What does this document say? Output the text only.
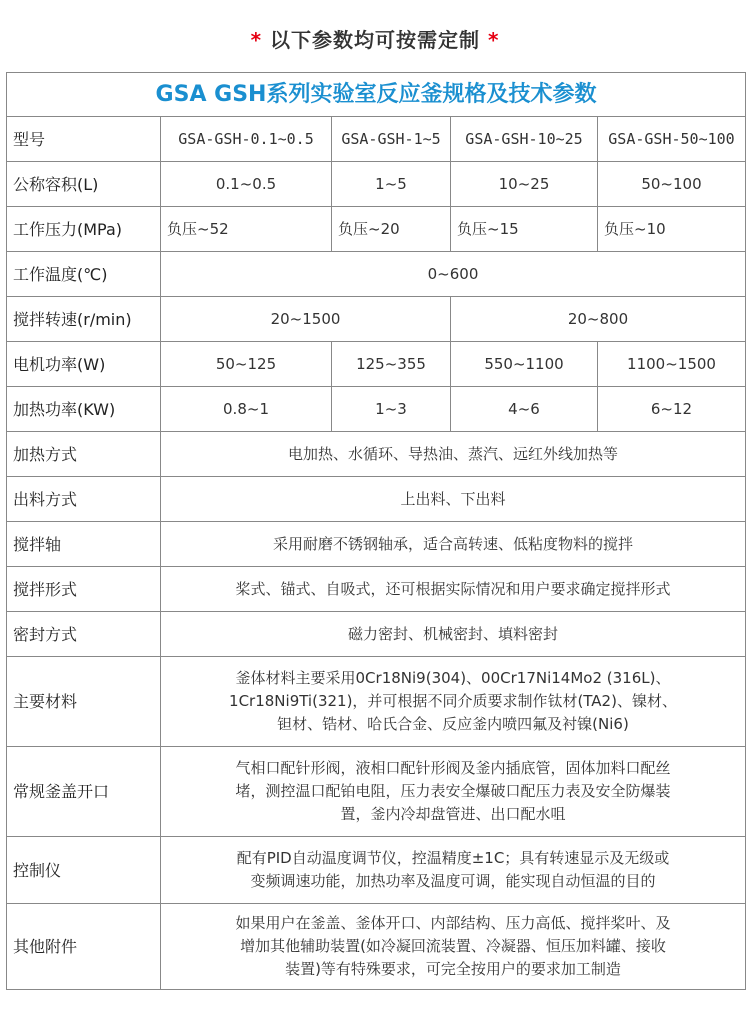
* 以下参数均可按需定制 *
GSA GSH系列实验室反应釜规格及技术参数				
型号	GSA-GSH-0.1~0.5	GSA-GSH-1~5	GSA-GSH-10~25	GSA-GSH-50~100
公称容积(L)	0.1~0.5	1~5	10~25	50~100
工作压力(MPa)	负压~52	负压~20	负压~15	负压~10
工作温度(℃)	0~600			
搅拌转速(r/min)	20~1500		20~800	
电机功率(W)	50~125	125~355	550~1100	1100~1500
加热功率(KW)	0.8~1	1~3	4~6	6~12
加热方式	电加热、水循环、导热油、蒸汽、远红外线加热等			
出料方式	上出料、下出料			
搅拌轴	采用耐磨不锈钢轴承，适合高转速、低粘度物料的搅拌			
搅拌形式	桨式、锚式、自吸式，还可根据实际情况和用户要求确定搅拌形式			
密封方式	磁力密封、机械密封、填料密封			
主要材料	釜体材料主要采用0Cr18Ni9(304)、00Cr17Ni14Mo2 (316L)、
1Cr18Ni9Ti(321)，并可根据不同介质要求制作钛材(TA2)、镍材、
钽材、锆材、哈氏合金、反应釜内喷四氟及衬镍(Ni6)			

常规釜盖开口	气相口配针形阀，液相口配针形阀及釜内插底管，固体加料口配丝
堵，测控温口配铂电阻，压力表安全爆破口配压力表及安全防爆装
置，釜内冷却盘管进、出口配水咀			

控制仪	配有PID自动温度调节仪，控温精度±1C；具有转速显示及无级或
变频调速功能，加热功率及温度可调，能实现自动恒温的目的			

其他附件	如果用户在釜盖、釜体开口、内部结构、压力高低、搅拌桨叶、及
增加其他辅助装置(如冷凝回流装置、冷凝器、恒压加料罐、接收
装置)等有特殊要求，可完全按用户的要求加工制造			
